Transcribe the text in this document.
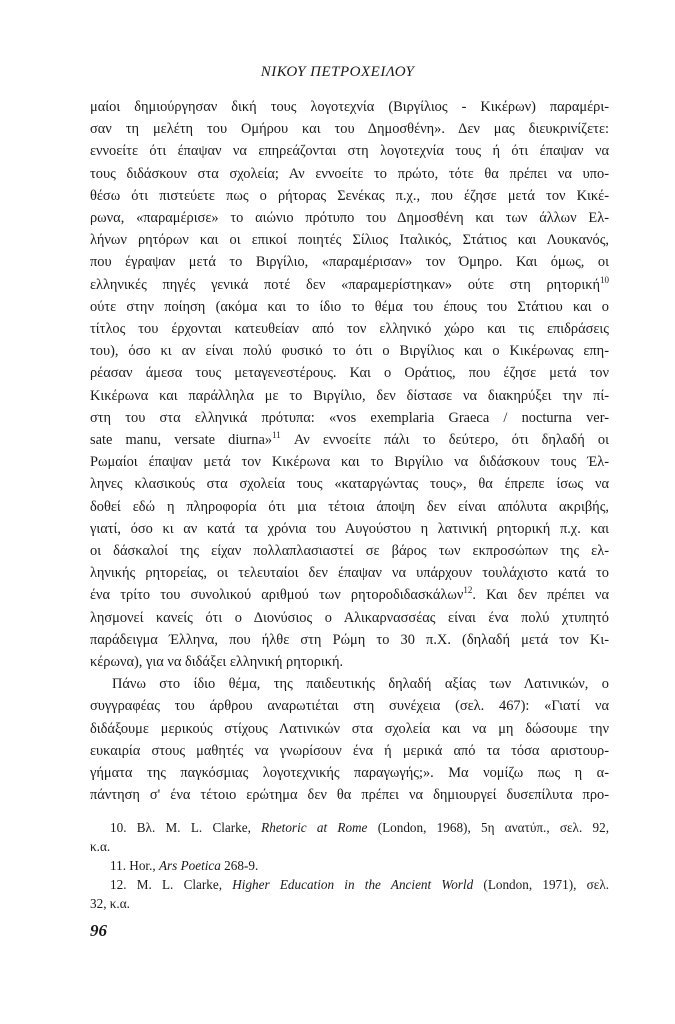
ΝΙΚΟΥ ΠΕΤΡΟΧΕΙΛΟΥ
μαίοι δημιούργησαν δική τους λογοτεχνία (Βιργίλιος - Κικέρων) παραμέρι-
σαν τη μελέτη του Ομήρου και του Δημοσθένη». Δεν μας διευκρινίζετε:
εννοείτε ότι έπαψαν να επηρεάζονται στη λογοτεχνία τους ή ότι έπαψαν να
τους διδάσκουν στα σχολεία; Αν εννοείτε το πρώτο, τότε θα πρέπει να υπο-
θέσω ότι πιστεύετε πως ο ρήτορας Σενέκας π.χ., που έζησε μετά τον Κικέ-
ρωνα, «παραμέρισε» το αιώνιο πρότυπο του Δημοσθένη και των άλλων Ελ-
λήνων ρητόρων και οι επικοί ποιητές Σίλιος Ιταλικός, Στάτιος και Λουκανός,
που έγραψαν μετά το Βιργίλιο, «παραμέρισαν» τον Όμηρο. Και όμως, οι
ελληνικές πηγές γενικά ποτέ δεν «παραμερίστηκαν» ούτε στη ρητορική$^{10}$
ούτε στην ποίηση (ακόμα και το ίδιο το θέμα του έπους του Στάτιου και ο
τίτλος του έρχονται κατευθείαν από τον ελληνικό χώρο και τις επιδράσεις
του), όσο κι αν είναι πολύ φυσικό το ότι ο Βιργίλιος και ο Κικέρωνας επη-
ρέασαν άμεσα τους μεταγενεστέρους. Και ο Οράτιος, που έζησε μετά τον
Κικέρωνα και παράλληλα με το Βιργίλιο, δεν δίστασε να διακηρύξει την πί-
στη του στα ελληνικά πρότυπα: «vos exemplaria Graeca / nocturna ver-
sate manu, versate diurna»$^{11}$ Αν εννοείτε πάλι το δεύτερο, ότι δηλαδή οι
Ρωμαίοι έπαψαν μετά τον Κικέρωνα και το Βιργίλιο να διδάσκουν τους Έλ-
ληνες κλασικούς στα σχολεία τους «καταργώντας τους», θα έπρεπε ίσως να
δοθεί εδώ η πληροφορία ότι μια τέτοια άποψη δεν είναι απόλυτα ακριβής,
γιατί, όσο κι αν κατά τα χρόνια του Αυγούστου η λατινική ρητορική π.χ. και
οι δάσκαλοί της είχαν πολλαπλασιαστεί σε βάρος των εκπροσώπων της ελ-
ληνικής ρητορείας, οι τελευταίοι δεν έπαψαν να υπάρχουν τουλάχιστο κατά το
ένα τρίτο του συνολικού αριθμού των ρητοροδιδασκάλων$^{12}$. Και δεν πρέπει να
λησμονεί κανείς ότι ο Διονύσιος ο Αλικαρνασσέας είναι ένα πολύ χτυπητό
παράδειγμα Έλληνα, που ήλθε στη Ρώμη το 30 π.Χ. (δηλαδή μετά τον Κι-
κέρωνα), για να διδάξει ελληνική ρητορική.
Πάνω στο ίδιο θέμα, της παιδευτικής δηλαδή αξίας των Λατινικών, ο
συγγραφέας του άρθρου αναρωτιέται στη συνέχεια (σελ. 467): «Γιατί να
διδάξουμε μερικούς στίχους Λατινικών στα σχολεία και να μη δώσουμε την
ευκαιρία στους μαθητές να γνωρίσουν ένα ή μερικά από τα τόσα αριστουρ-
γήματα της παγκόσμιας λογοτεχνικής παραγωγής;». Μα νομίζω πως η α-
πάντηση σ' ένα τέτοιο ερώτημα δεν θα πρέπει να δημιουργεί δυσεπίλυτα προ-
10. Βλ. M. L. Clarke, Rhetoric at Rome (London, 1968), 5η ανατύπ., σελ. 92,
κ.α.
11. Hor., Ars Poetica 268-9.
12. M. L. Clarke, Higher Education in the Ancient World (London, 1971), σελ.
32, κ.α.
96
